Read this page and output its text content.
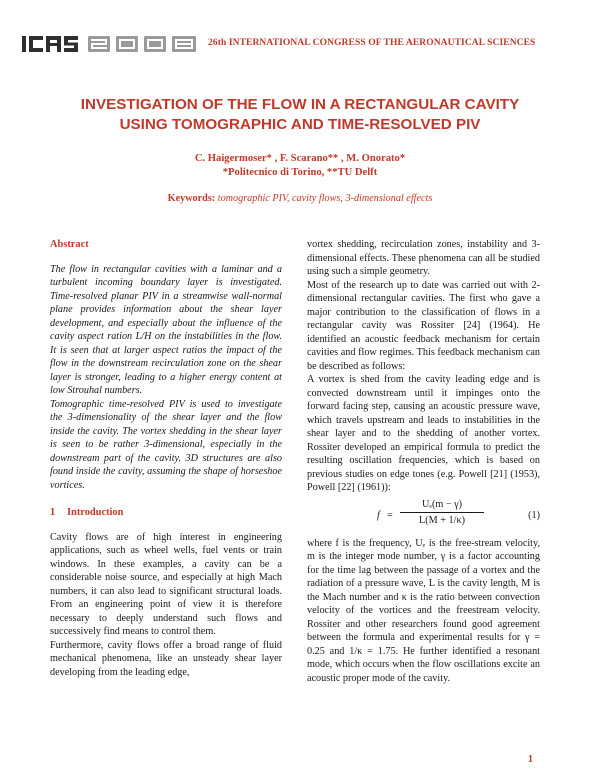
26th INTERNATIONAL CONGRESS OF THE AERONAUTICAL SCIENCES
INVESTIGATION OF THE FLOW IN A RECTANGULAR CAVITY
USING TOMOGRAPHIC AND TIME-RESOLVED PIV
C. Haigermoser* , F. Scarano** , M. Onorato*
*Politecnico di Torino, **TU Delft
Keywords: tomographic PIV, cavity flows, 3-dimensional effects
Abstract

The flow in rectangular cavities with a laminar and a turbulent incoming boundary layer is investigated. Time-resolved planar PIV in a streamwise wall-normal plane provides information about the shear layer development, and especially about the influence of the cavity aspect ration L/H on the instabilities in the flow. It is seen that at larger aspect ratios the impact of the flow in the downstream recirculation zone on the shear layer is stronger, leading to a higher energy content at low Strouhal numbers.

Tomographic time-resolved PIV is used to investigate the 3-dimensionality of the shear layer and the flow inside the cavity. The vortex shedding in the shear layer is seen to be rather 3-dimensional, especially in the downstream part of the cavity. 3D structures are also found inside the cavity, assuming the shape of horseshoe vortices.

1 Introduction

Cavity flows are of high interest in engineering applications, such as wheel wells, fuel vents or train windows. In these examples, a cavity can be a considerable noise source, and especially at high Mach numbers, it can also lead to significant structural loads. From an engineering point of view it is therefore necessary to deeply understand such flows and successively find means to control them.

Furthermore, cavity flows offer a broad range of fluid mechanical phenomena, like an unsteady shear layer developing from the leading edge,

vortex shedding, recirculation zones, instability and 3-dimensional effects. These phenomena can all be studied using such a simple geometry.

Most of the research up to date was carried out with 2-dimensional rectangular cavities. The first who gave a major contribution to the classification of flows in a rectangular cavity was Rossiter [24] (1964). He identified an acoustic feedback mechanism for certain cavities and flow regimes. This feedback mechanism can be described as follows:

A vortex is shed from the cavity leading edge and is convected downstream until it impinges onto the forward facing step, causing an acoustic pressure wave, which travels upstream and leads to instabilities in the shear layer and to the shedding of another vortex. Rossiter developed an empirical formula to predict the resulting oscillation frequencies, which is based on previous studies on edge tones (e.g. Powell [21] (1953), Powell [22] (1961)):

$f = \frac{\text{Uₑ(m − γ)}}{L(M + 1/\kappa)}$	(1)

where f is the frequency, Uₑ is the free-stream velocity, m is the integer mode number, γ is a factor accounting for the time lag between the passage of a vortex and the radiation of a pressure wave, L is the cavity length, M is the Mach number and κ is the ratio between convection velocity of the vortices and the freestream velocity. Rossiter and other researchers found good agreement between the formula and experimental results for γ = 0.25 and 1/κ = 1.75. He further identified a resonant mode, which occurs when the flow oscillations excite an acoustic proper mode of the cavity.

1
